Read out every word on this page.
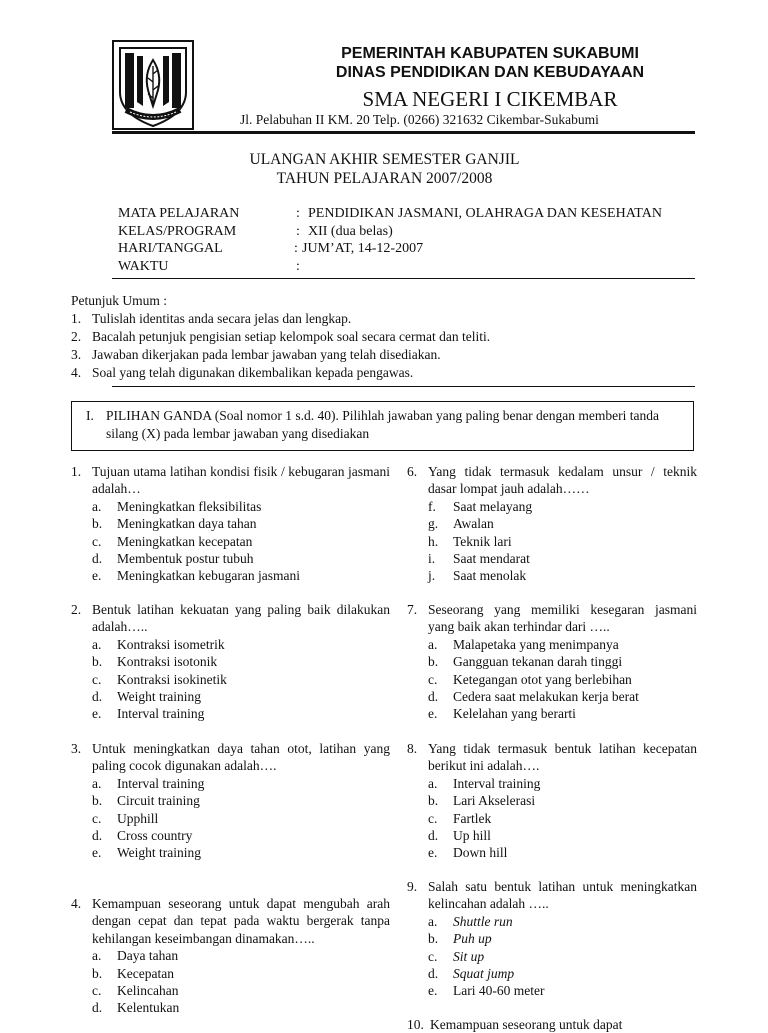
PEMERINTAH KABUPATEN SUKABUMI
DINAS PENDIDIKAN DAN KEBUDAYAAN
SMA NEGERI I CIKEMBAR
Jl. Pelabuhan II KM. 20 Telp. (0266) 321632 Cikembar-Sukabumi
ULANGAN AKHIR SEMESTER GANJIL
TAHUN PELAJARAN 2007/2008
MATA PELAJARAN	: PENDIDIKAN JASMANI, OLAHRAGA DAN KESEHATAN
KELAS/PROGRAM	: XII (dua belas)
HARI/TANGGAL	: JUM’AT, 14-12-2007
WAKTU	:
Petunjuk Umum :
1. Tulislah identitas anda secara jelas dan lengkap.
2. Bacalah petunjuk pengisian setiap kelompok soal secara cermat dan teliti.
3. Jawaban dikerjakan pada lembar jawaban yang telah disediakan.
4. Soal yang telah digunakan dikembalikan kepada pengawas.
I. PILIHAN GANDA (Soal nomor 1 s.d. 40). Pilihlah jawaban yang paling benar dengan memberi tanda silang (X) pada lembar jawaban yang disediakan
1. Tujuan utama latihan kondisi fisik / kebugaran jasmani adalah…
a. Meningkatkan fleksibilitas
b. Meningkatkan daya tahan
c. Meningkatkan kecepatan
d. Membentuk postur tubuh
e. Meningkatkan kebugaran jasmani
2. Bentuk latihan kekuatan yang paling baik dilakukan adalah…..
a. Kontraksi isometrik
b. Kontraksi isotonik
c. Kontraksi isokinetik
d. Weight training
e. Interval training
3. Untuk meningkatkan daya tahan otot, latihan yang paling cocok digunakan adalah….
a. Interval training
b. Circuit training
c. Upphill
d. Cross country
e. Weight training
4. Kemampuan seseorang untuk dapat mengubah arah dengan cepat dan tepat pada waktu bergerak tanpa kehilangan keseimbangan dinamakan…..
a. Daya tahan
b. Kecepatan
c. Kelincahan
d. Kelentukan
6. Yang tidak termasuk kedalam unsur / teknik dasar lompat jauh adalah……
f. Saat melayang
g. Awalan
h. Teknik lari
i. Saat mendarat
j. Saat menolak
7. Seseorang yang memiliki kesegaran jasmani yang baik akan terhindar dari …..
a. Malapetaka yang menimpanya
b. Gangguan tekanan darah tinggi
c. Ketegangan otot yang berlebihan
d. Cedera saat melakukan kerja berat
e. Kelelahan yang berarti
8. Yang tidak termasuk bentuk latihan kecepatan berikut ini adalah….
a. Interval training
b. Lari Akselerasi
c. Fartlek
d. Up hill
e. Down hill
9. Salah satu bentuk latihan untuk meningkatkan kelincahan adalah …..
a. Shuttle run
b. Puh up
c. Sit up
d. Squat jump
e. Lari 40-60 meter
10. Kemampuan seseorang untuk dapat
